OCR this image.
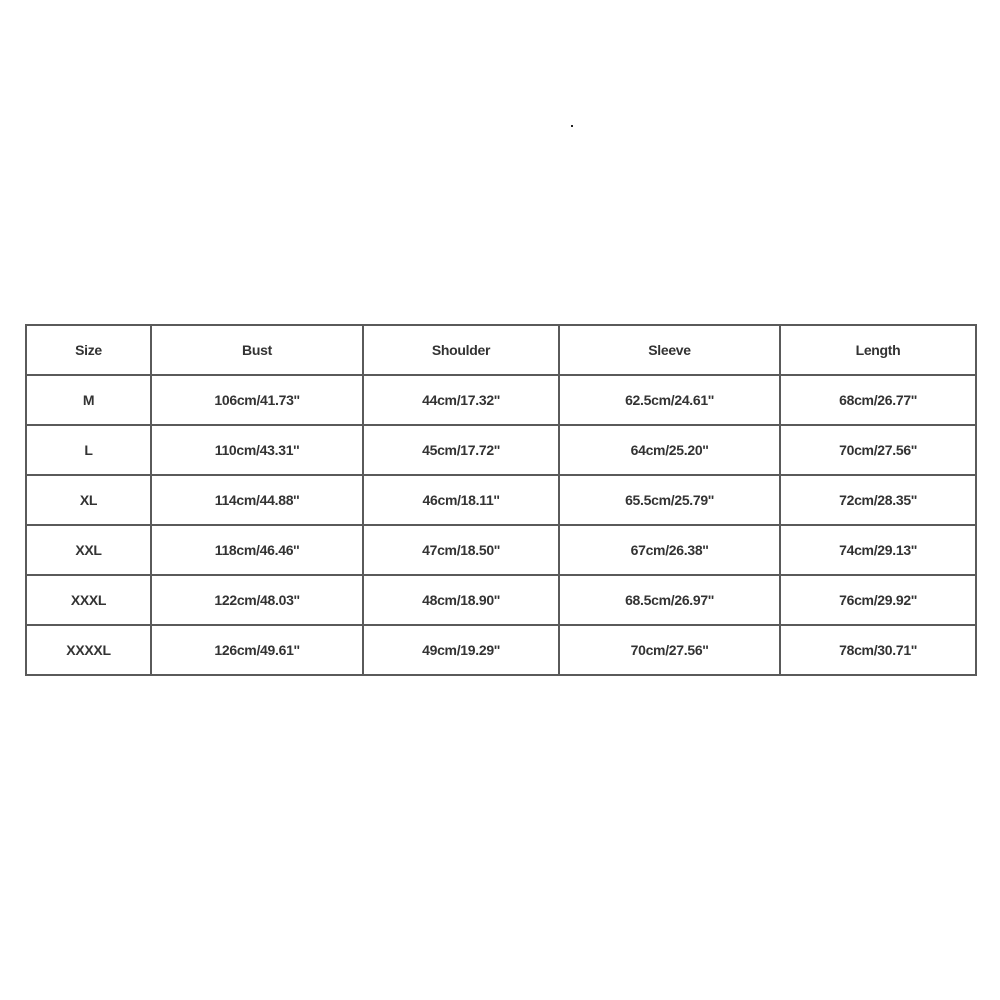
Size	Bust	Shoulder	Sleeve	Length
M	106cm/41.73''	44cm/17.32''	62.5cm/24.61''	68cm/26.77''
L	110cm/43.31''	45cm/17.72''	64cm/25.20''	70cm/27.56''
XL	114cm/44.88''	46cm/18.11''	65.5cm/25.79''	72cm/28.35''
XXL	118cm/46.46''	47cm/18.50''	67cm/26.38''	74cm/29.13''
XXXL	122cm/48.03''	48cm/18.90''	68.5cm/26.97''	76cm/29.92''
XXXXL	126cm/49.61''	49cm/19.29''	70cm/27.56''	78cm/30.71''
